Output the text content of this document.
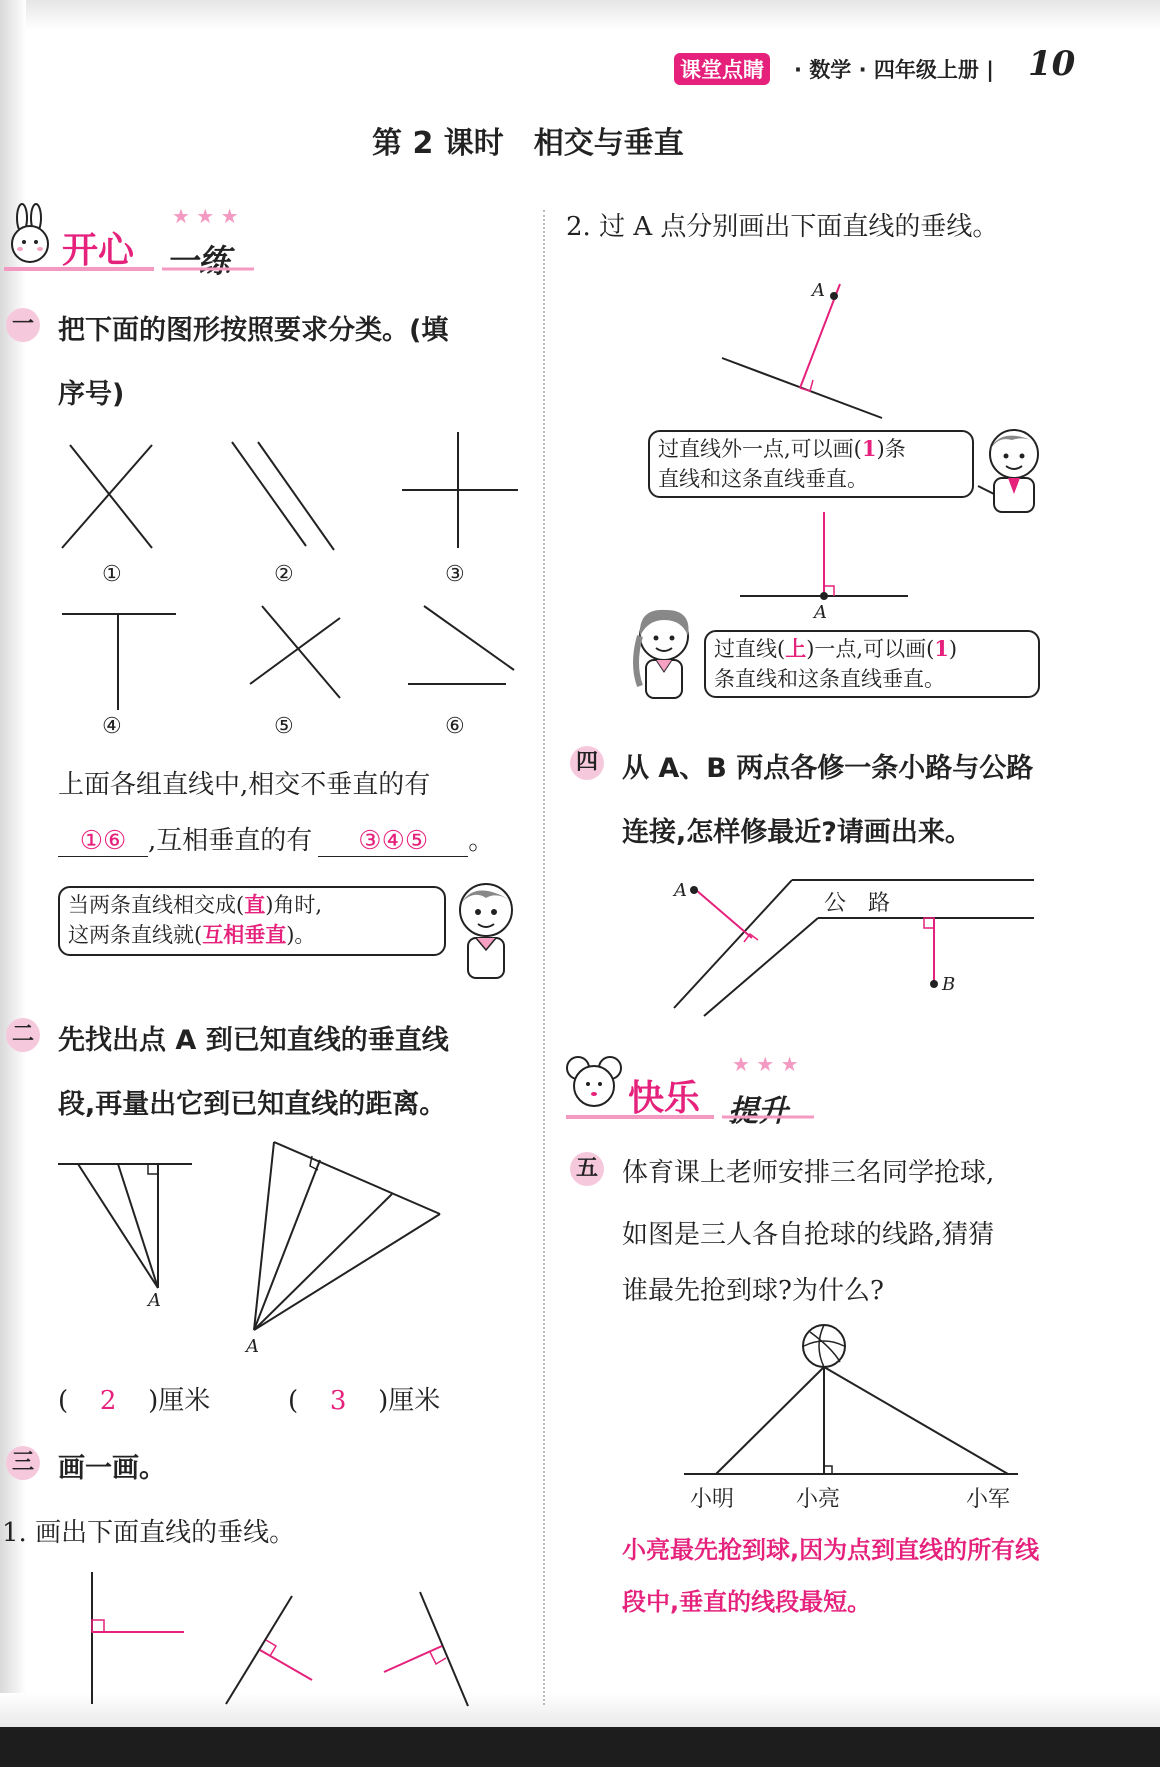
课堂点睛 · 数学 · 四年级上册 | 10
第 2 课时　相交与垂直
开心 一练
★ ★ ★
一 把下面的图形按照要求分类。(填
序号)
①	②	③
④	⑤	⑥
上面各组直线中,相交不垂直的有
①⑥ ,互相垂直的有 ③④⑤ 。
当两条直线相交成(直)角时,
这两条直线就(互相垂直)。
二 先找出点 A 到已知直线的垂直线
段,再量出它到已知直线的距离。
A
A
( 2 )厘米	( 3 )厘米
三 画一画。
1. 画出下面直线的垂线。
2. 过 A 点分别画出下面直线的垂线。
A
过直线外一点,可以画(1)条
直线和这条直线垂直。
A
过直线(上)一点,可以画(1)
条直线和这条直线垂直。
四 从 A、B 两点各修一条小路与公路
连接,怎样修最近?请画出来。
A
B
公　路
快乐 提升
★ ★ ★
五 体育课上老师安排三名同学抢球,
如图是三人各自抢球的线路,猜猜
谁最先抢到球?为什么?
小明	小亮	小军
小亮最先抢到球,因为点到直线的所有线
段中,垂直的线段最短。
